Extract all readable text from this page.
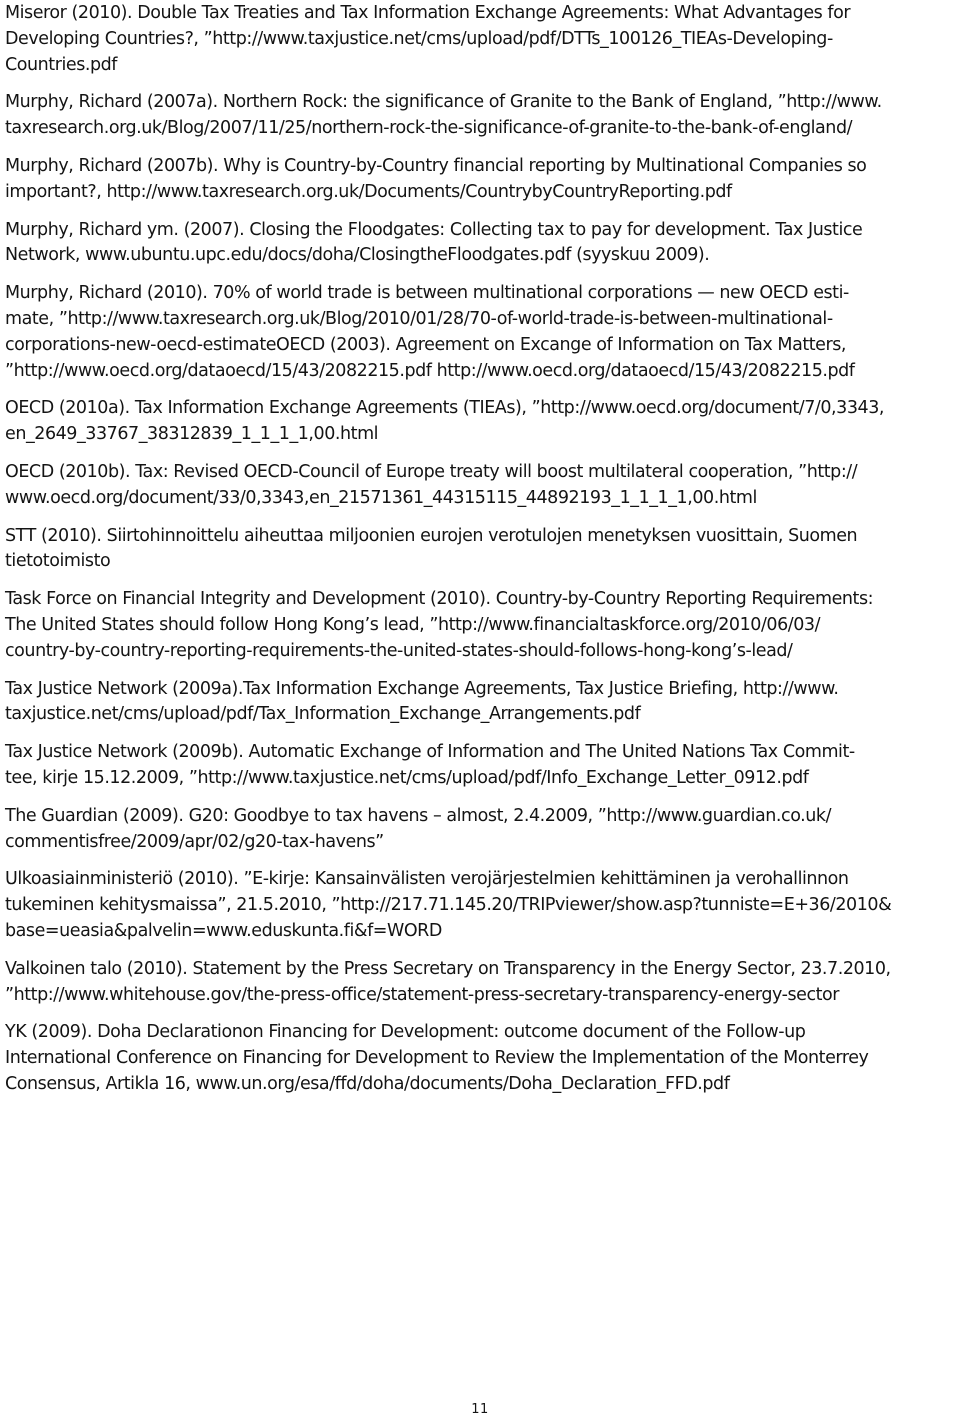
Miseror (2010). Double Tax Treaties and Tax Information Exchange Agreements: What Advantages for
Developing Countries?, ”http://www.taxjustice.net/cms/upload/pdf/DTTs_100126_TIEAs-Developing-
Countries.pdf
Murphy, Richard (2007a). Northern Rock: the significance of Granite to the Bank of England, ”http://www.
taxresearch.org.uk/Blog/2007/11/25/northern-rock-the-significance-of-granite-to-the-bank-of-england/
Murphy, Richard (2007b). Why is Country-by-Country financial reporting by Multinational Companies so
important?, http://www.taxresearch.org.uk/Documents/CountrybyCountryReporting.pdf
Murphy, Richard ym. (2007). Closing the Floodgates: Collecting tax to pay for development. Tax Justice
Network, www.ubuntu.upc.edu/docs/doha/ClosingtheFloodgates.pdf (syyskuu 2009).
Murphy, Richard (2010). 70% of world trade is between multinational corporations — new OECD esti-
mate, ”http://www.taxresearch.org.uk/Blog/2010/01/28/70-of-world-trade-is-between-multinational-
corporations-new-oecd-estimateOECD (2003). Agreement on Excange of Information on Tax Matters,
”http://www.oecd.org/dataoecd/15/43/2082215.pdf http://www.oecd.org/dataoecd/15/43/2082215.pdf
OECD (2010a). Tax Information Exchange Agreements (TIEAs), ”http://www.oecd.org/document/7/0,3343,
en_2649_33767_38312839_1_1_1_1,00.html
OECD (2010b). Tax: Revised OECD-Council of Europe treaty will boost multilateral cooperation, ”http://
www.oecd.org/document/33/0,3343,en_21571361_44315115_44892193_1_1_1_1,00.html
STT (2010). Siirtohinnoittelu aiheuttaa miljoonien eurojen verotulojen menetyksen vuosittain, Suomen
tietotoimisto
Task Force on Financial Integrity and Development (2010). Country-by-Country Reporting Requirements:
The United States should follow Hong Kong’s lead, ”http://www.financialtaskforce.org/2010/06/03/
country-by-country-reporting-requirements-the-united-states-should-follows-hong-kong’s-lead/
Tax Justice Network (2009a).Tax Information Exchange Agreements, Tax Justice Briefing, http://www.
taxjustice.net/cms/upload/pdf/Tax_Information_Exchange_Arrangements.pdf
Tax Justice Network (2009b). Automatic Exchange of Information and The United Nations Tax Commit-
tee, kirje 15.12.2009, ”http://www.taxjustice.net/cms/upload/pdf/Info_Exchange_Letter_0912.pdf
The Guardian (2009). G20: Goodbye to tax havens – almost, 2.4.2009, ”http://www.guardian.co.uk/
commentisfree/2009/apr/02/g20-tax-havens”
Ulkoasiainministeriö (2010). ”E-kirje: Kansainvälisten verojärjestelmien kehittäminen ja verohallinnon
tukeminen kehitysmaissa”, 21.5.2010, ”http://217.71.145.20/TRIPviewer/show.asp?tunniste=E+36/2010&
base=ueasia&palvelin=www.eduskunta.fi&f=WORD
Valkoinen talo (2010). Statement by the Press Secretary on Transparency in the Energy Sector, 23.7.2010,
”http://www.whitehouse.gov/the-press-office/statement-press-secretary-transparency-energy-sector
YK (2009). Doha Declarationon Financing for Development: outcome document of the Follow-up
International Conference on Financing for Development to Review the Implementation of the Monterrey
Consensus, Artikla 16, www.un.org/esa/ffd/doha/documents/Doha_Declaration_FFD.pdf
11
